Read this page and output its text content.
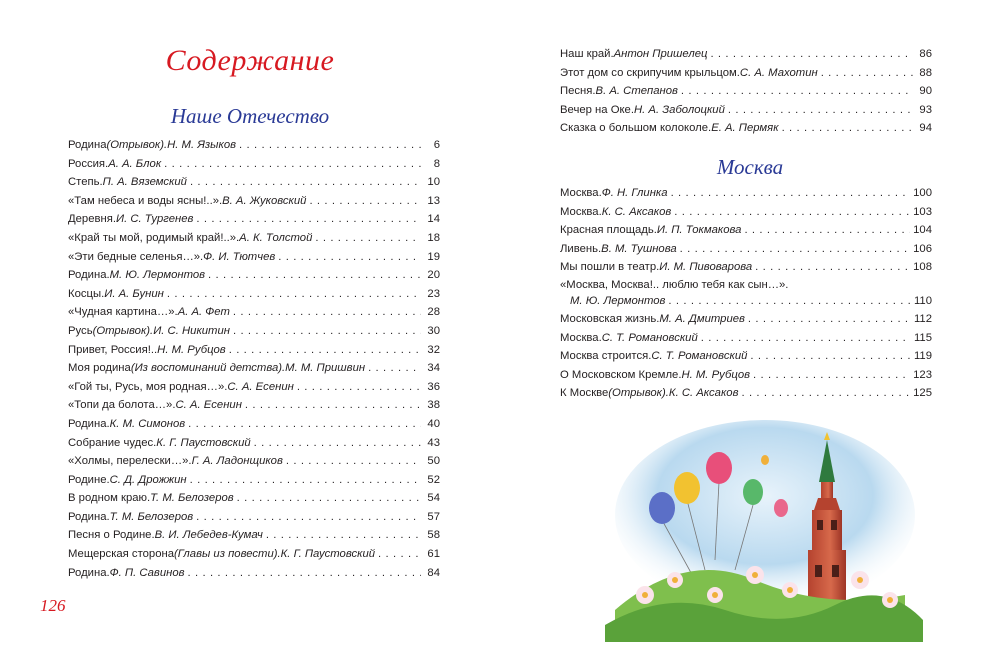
Содержание
Наше Отечество
Родина (Отрывок). Н. М. Языков . . .	6
Россия. А. А. Блок . . .	8
Степь. П. А. Вяземский . . .	10
«Там небеса и воды ясны!..». В. А. Жуковский . . .	13
Деревня. И. С. Тургенев . . .	14
«Край ты мой, родимый край!..». А. К. Толстой . . .	18
«Эти бедные селенья…». Ф. И. Тютчев . . .	19
Родина. М. Ю. Лермонтов . . .	20
Косцы. И. А. Бунин . . .	23
«Чудная картина…». А. А. Фет . . .	28
Русь (Отрывок). И. С. Никитин . . .	30
Привет, Россия!.. Н. М. Рубцов . . .	32
Моя родина (Из воспоминаний детства). М. М. Пришвин . . .	34
«Гой ты, Русь, моя родная…». С. А. Есенин . . .	36
«Топи да болота…». С. А. Есенин . . .	38
Родина. К. М. Симонов . . .	40
Собрание чудес. К. Г. Паустовский . . .	43
«Холмы, перелески…». Г. А. Ладонщиков . . .	50
Родине. С. Д. Дрожжин . . .	52
В родном краю. Т. М. Белозеров . . .	54
Родина. Т. М. Белозеров . . .	57
Песня о Родине. В. И. Лебедев-Кумач . . .	58
Мещерская сторона (Главы из повести). К. Г. Паустовский . . .	61
Родина. Ф. П. Савинов . . .	84
126
Наш край. Антон Пришелец . . .	86
Этот дом со скрипучим крыльцом. С. А. Махотин . . .	88
Песня. В. А. Степанов . . .	90
Вечер на Оке. Н. А. Заболоцкий . . .	93
Сказка о большом колоколе. Е. А. Пермяк . . .	94
Москва
Москва. Ф. Н. Глинка . . .	100
Москва. К. С. Аксаков . . .	103
Красная площадь. И. П. Токмакова . . .	104
Ливень. В. М. Тушнова . . .	106
Мы пошли в театр. И. М. Пивоварова . . .	108
«Москва, Москва!.. люблю тебя как сын…».
М. Ю. Лермонтов . . .	110
Московская жизнь. М. А. Дмитриев . . .	112
Москва. С. Т. Романовский . . .	115
Москва строится. С. Т. Романовский . . .	119
О Московском Кремле. Н. М. Рубцов . . .	123
К Москве (Отрывок). К. С. Аксаков . . .	125
